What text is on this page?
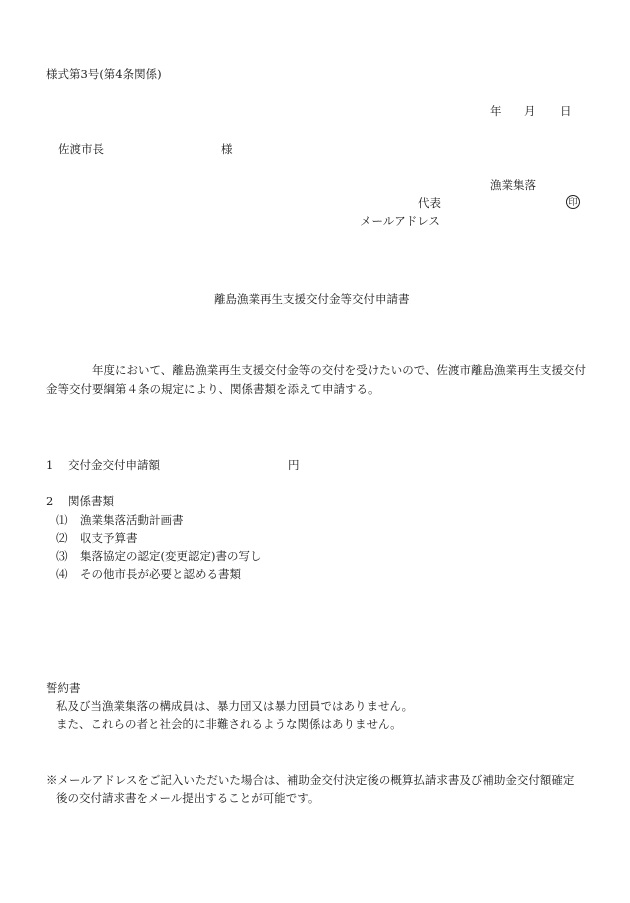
様式第3号(第4条関係)
年 月 日
佐渡市長	様
漁業集落
代表	印
メールアドレス
離島漁業再生支援交付金等交付申請書
　　　　年度において、離島漁業再生支援交付金等の交付を受けたいので、佐渡市離島漁業再生支援交付金等交付要綱第４条の規定により、関係書類を添えて申請する。
1 交付金交付申請額	円
2 関係書類
⑴ 漁業集落活動計画書
⑵ 収支予算書
⑶ 集落協定の認定(変更認定)書の写し
⑷ その他市長が必要と認める書類
誓約書
私及び当漁業集落の構成員は、暴力団又は暴力団員ではありません。
また、これらの者と社会的に非難されるような関係はありません。
※メールアドレスをご記入いただいた場合は、補助金交付決定後の概算払請求書及び補助金交付額確定
後の交付請求書をメール提出することが可能です。
